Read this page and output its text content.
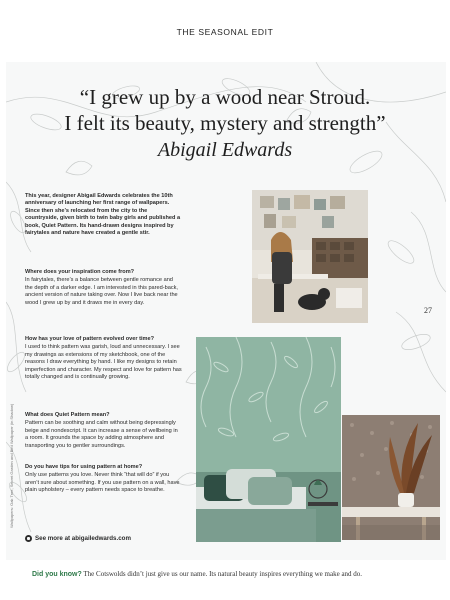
THE SEASONAL EDIT
“I grew up by a wood near Stroud.
I felt its beauty, mystery and strength”
Abigail Edwards
This year, designer Abigail Edwards celebrates the 10th anniversary of launching her first range of wallpapers. Since then she’s relocated from the city to the countryside, given birth to twin baby girls and published a book, Quiet Pattern. Its hand-drawn designs inspired by fairytales and nature have created a gentle stir.
Where does your inspiration come from?
In fairytales, there’s a balance between gentle romance and the depth of a darker edge. I am interested in this pared-back, ancient version of nature taking over. Now I live back near the wood I grew up by and it draws me in every day.
How has your love of pattern evolved over time?
I used to think pattern was garish, loud and unnecessary. I see my drawings as extensions of my sketchbook, one of the reasons I draw everything by hand. I like my designs to retain imperfection and character. My respect and love for pattern has totally changed and is continually growing.
What does Quiet Pattern mean?
Pattern can be soothing and calm without being depressingly beige and nondescript. It can increase a sense of wellbeing in a room. It grounds the space by adding atmosphere and transporting you to gentler surroundings.
Do you have tips for using pattern at home?
Only use patterns you love. Never think “that will do” if you aren’t sure about something. If you use pattern on a wall, have plain upholstery – every pattern needs space to breathe.
See more at abigailedwards.com
Wallpapers: Oak Tree, Secret Garden and Bird Wallpaper (in Shadow)
27
Did you know? The Cotswolds didn’t just give us our name. Its natural beauty inspires everything we make and do.
